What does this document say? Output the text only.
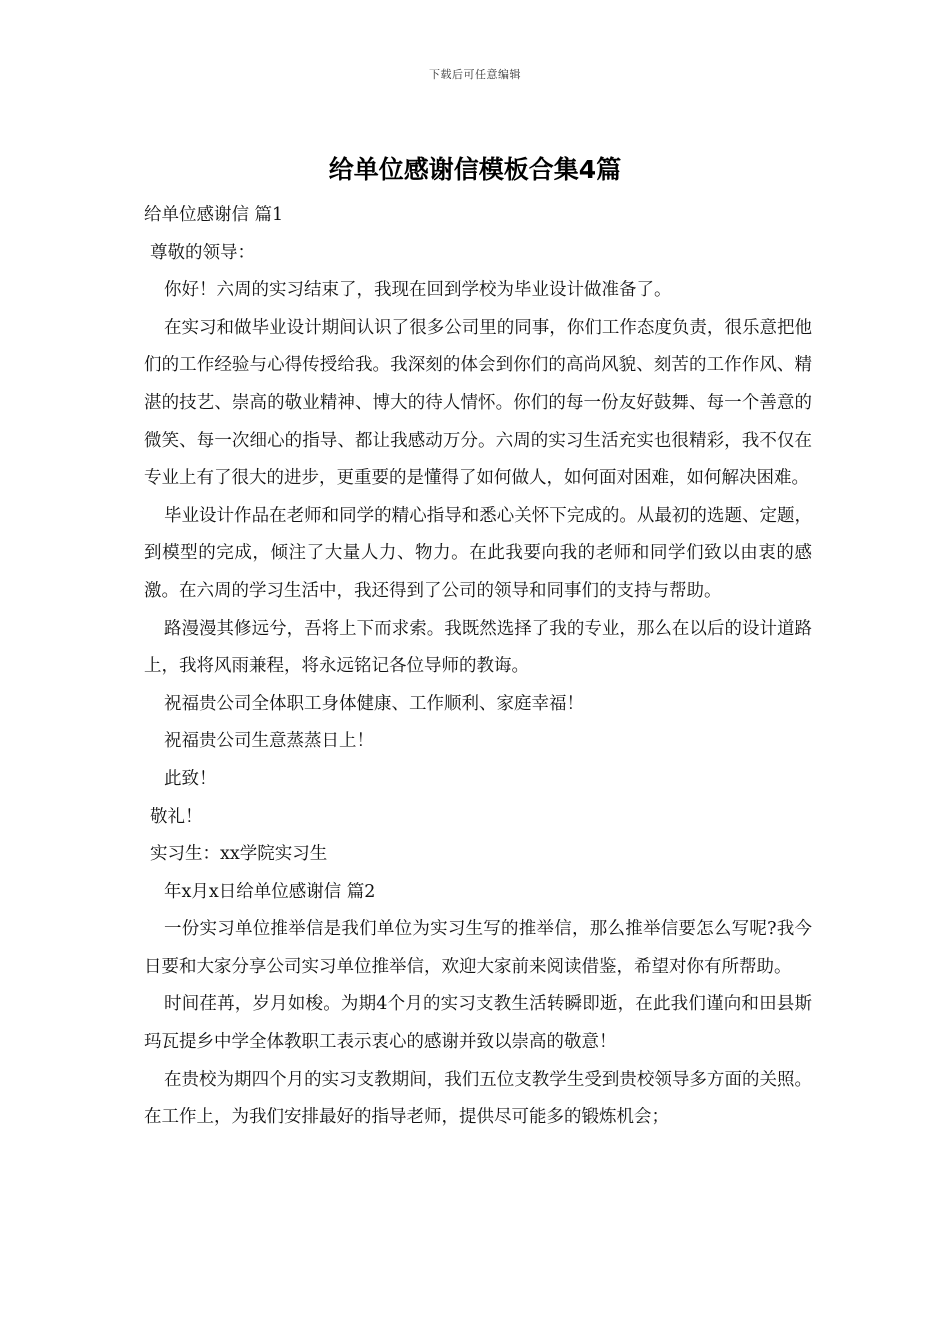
下载后可任意编辑
给单位感谢信模板合集4篇
给单位感谢信 篇1
尊敬的领导：
你好！六周的实习结束了，我现在回到学校为毕业设计做准备了。

在实习和做毕业设计期间认识了很多公司里的同事，你们工作态度负责，很乐意把他们的工作经验与心得传授给我。我深刻的体会到你们的高尚风貌、刻苦的工作作风、精湛的技艺、崇高的敬业精神、博大的待人情怀。你们的每一份友好鼓舞、每一个善意的微笑、每一次细心的指导、都让我感动万分。六周的实习生活充实也很精彩，我不仅在专业上有了很大的进步，更重要的是懂得了如何做人，如何面对困难，如何解决困难。

毕业设计作品在老师和同学的精心指导和悉心关怀下完成的。从最初的选题、定题，到模型的完成，倾注了大量人力、物力。在此我要向我的老师和同学们致以由衷的感激。在六周的学习生活中，我还得到了公司的领导和同事们的支持与帮助。

路漫漫其修远兮，吾将上下而求索。我既然选择了我的专业，那么在以后的设计道路上，我将风雨兼程，将永远铭记各位导师的教诲。

祝福贵公司全体职工身体健康、工作顺利、家庭幸福！
祝福贵公司生意蒸蒸日上！
此致！
敬礼！
实习生：xx学院实习生
年x月x日给单位感谢信 篇2

一份实习单位推举信是我们单位为实习生写的推举信，那么推举信要怎么写呢?我今日要和大家分享公司实习单位推举信，欢迎大家前来阅读借鉴，希望对你有所帮助。

时间荏苒，岁月如梭。为期4个月的实习支教生活转瞬即逝，在此我们谨向和田县斯玛瓦提乡中学全体教职工表示衷心的感谢并致以崇高的敬意！

在贵校为期四个月的实习支教期间，我们五位支教学生受到贵校领导多方面的关照。在工作上，为我们安排最好的指导老师，提供尽可能多的锻炼机会；
